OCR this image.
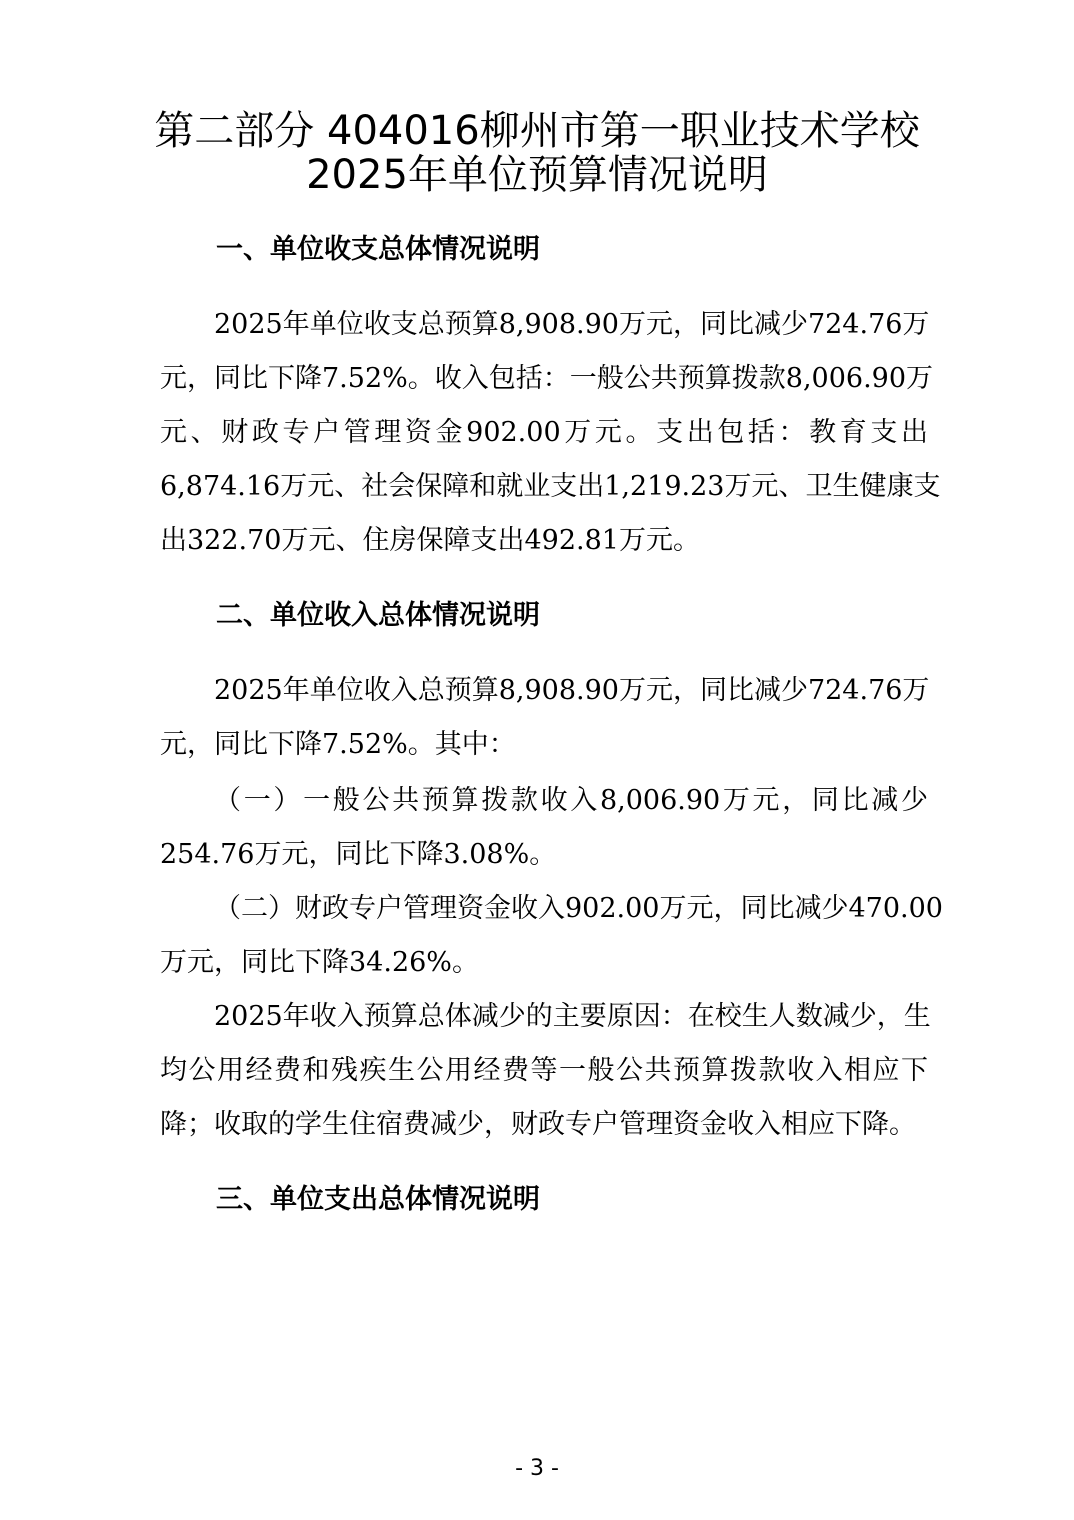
第二部分 404016柳州市第一职业技术学校
2025年单位预算情况说明
一、单位收支总体情况说明
2025年单位收支总预算8,908.90万元，同比减少724.76万
元，同比下降7.52%。收入包括：一般公共预算拨款8,006.90万
元、财政专户管理资金902.00万元。支出包括：教育支出
6,874.16万元、社会保障和就业支出1,219.23万元、卫生健康支
出322.70万元、住房保障支出492.81万元。
二、单位收入总体情况说明
2025年单位收入总预算8,908.90万元，同比减少724.76万
元，同比下降7.52%。其中：
（一）一般公共预算拨款收入8,006.90万元，同比减少
254.76万元，同比下降3.08%。
（二）财政专户管理资金收入902.00万元，同比减少470.00
万元，同比下降34.26%。
2025年收入预算总体减少的主要原因：在校生人数减少，生
均公用经费和残疾生公用经费等一般公共预算拨款收入相应下
降；收取的学生住宿费减少，财政专户管理资金收入相应下降。
三、单位支出总体情况说明
- 3 -
